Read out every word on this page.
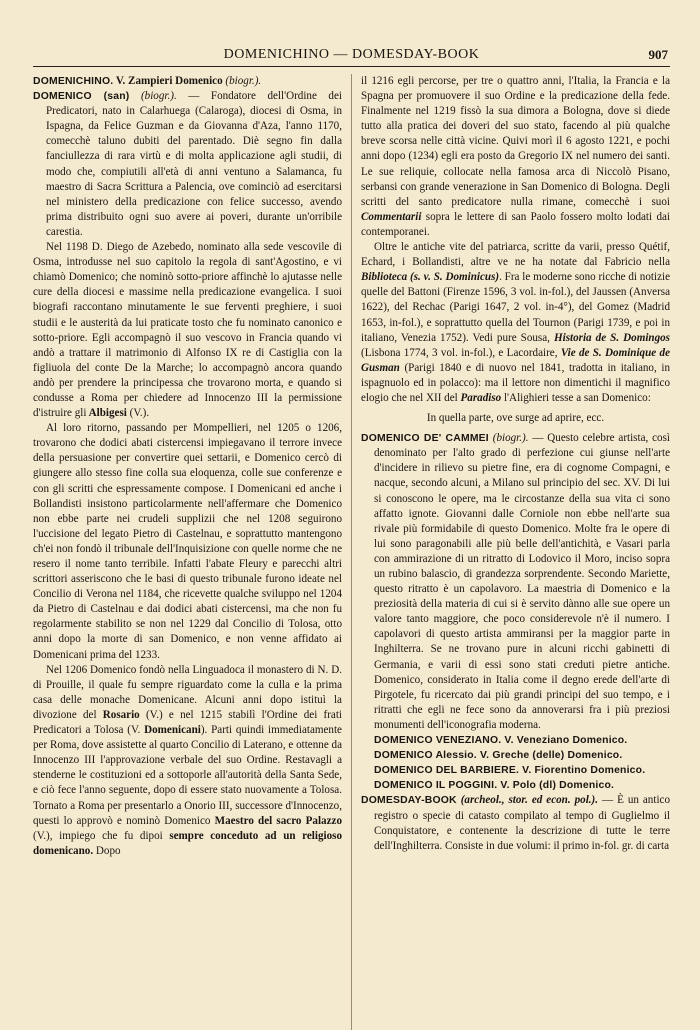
DOMENICHINO — DOMESDAY-BOOK	907

DOMENICHINO. V. Zampieri Domenico (biogr.).

DOMENICO (san) (biogr.). — Fondatore dell'Ordine dei Predicatori, nato in Calarhuega (Calaroga), diocesi di Osma, in Ispagna, da Felice Guzman e da Giovanna d'Aza, l'anno 1170, comecchè taluno dubiti del parentado. Diè segno fin dalla fanciullezza di rara virtù e di molta applicazione agli studii, di modo che, compiutili all'età di anni ventuno a Salamanca, fu maestro di Sacra Scrittura a Palencia, ove cominciò ad esercitarsi nel ministero della predicazione con felice successo, avendo prima distribuito ogni suo avere ai poveri, durante un'orribile carestia.

Nel 1198 D. Diego de Azebedo, nominato alla sede vescovile di Osma, introdusse nel suo capitolo la regola di sant'Agostino, e vi chiamò Domenico; che nominò sotto-priore affinchè lo ajutasse nelle cure della diocesi e massime nella predicazione evangelica. I suoi biografi raccontano minutamente le sue ferventi preghiere, i suoi studii e le austerità da lui praticate tosto che fu nominato canonico e sotto-priore. Egli accompagnò il suo vescovo in Francia quando vi andò a trattare il matrimonio di Alfonso IX re di Castiglia con la figliuola del conte De la Marche; lo accompagnò ancora quando andò per prendere la principessa che trovarono morta, e quando si condusse a Roma per chiedere ad Innocenzo III la permissione d'istruire gli Albigesi (V.).

Al loro ritorno, passando per Mompellieri, nel 1205 o 1206, trovarono che dodici abati cistercensi impiegavano il terrore invece della persuasione per convertire quei settarii, e Domenico cercò di giungere allo stesso fine colla sua eloquenza, colle sue conferenze e con gli scritti che espressamente compose. I Domenicani ed anche i Bollandisti insistono particolarmente nell'affermare che Domenico non ebbe parte nei crudeli supplizii che nel 1208 seguirono l'uccisione del legato Pietro di Castelnau, e soprattutto mantengono ch'ei non fondò il tribunale dell'Inquisizione con quelle norme che ne resero il nome tanto terribile. Infatti l'abate Fleury e parecchi altri scrittori asseriscono che le basi di questo tribunale furono ideate nel Concilio di Verona nel 1184, che ricevette qualche sviluppo nel 1204 da Pietro di Castelnau e dai dodici abati cistercensi, ma che non fu regolarmente stabilito se non nel 1229 dal Concilio di Tolosa, otto anni dopo la morte di san Domenico, e non venne affidato ai Domenicani prima del 1233.

Nel 1206 Domenico fondò nella Linguadoca il monastero di N. D. di Prouille, il quale fu sempre riguardato come la culla e la prima casa delle monache Domenicane. Alcuni anni dopo istituì la divozione del Rosario (V.) e nel 1215 stabilì l'Ordine dei frati Predicatori a Tolosa (V. Domenicani). Parti quindi immediatamente per Roma, dove assistette al quarto Concilio di Laterano, e ottenne da Innocenzo III l'approvazione verbale del suo Ordine. Restavagli a stenderne le costituzioni ed a sottoporle all'autorità della Santa Sede, e ciò fece l'anno seguente, dopo di essere stato nuovamente a Tolosa. Tornato a Roma per presentarlo a Onorio III, successore d'Innocenzo, questi lo approvò e nominò Domenico Maestro del sacro Palazzo (V.), impiego che fu dipoi sempre conceduto ad un religioso domenicano. Dopo

il 1216 egli percorse, per tre o quattro anni, l'Italia, la Francia e la Spagna per promuovere il suo Ordine e la predicazione della fede. Finalmente nel 1219 fissò la sua dimora a Bologna, dove si diede tutto alla pratica dei doveri del suo stato, facendo al più qualche breve scorsa nelle città vicine. Quivi morì il 6 agosto 1221, e pochi anni dopo (1234) egli era posto da Gregorio IX nel numero dei santi. Le sue reliquie, collocate nella famosa arca di Niccolò Pisano, serbansi con grande venerazione in San Domenico di Bologna. Degli scritti del santo predicatore nulla rimane, comecchè i suoi Commentarii sopra le lettere di san Paolo fossero molto lodati dai contemporanei.

Oltre le antiche vite del patriarca, scritte da varii, presso Quétif, Echard, i Bollandisti, altre ve ne ha notate dal Fabricio nella Biblioteca (s. v. S. Dominicus). Fra le moderne sono ricche di notizie quelle del Battoni (Firenze 1596, 3 vol. in-fol.), del Jaussen (Anversa 1622), del Rechac (Parigi 1647, 2 vol. in-4°), del Gomez (Madrid 1653, in-fol.), e soprattutto quella del Tournon (Parigi 1739, e poi in italiano, Venezia 1752). Vedi pure Sousa, Historia de S. Domingos (Lisbona 1774, 3 vol. in-fol.), e Lacordaire, Vie de S. Dominique de Gusman (Parigi 1840 e di nuovo nel 1841, tradotta in italiano, in ispagnuolo ed in polacco): ma il lettore non dimentichi il magnifico elogio che nel XII del Paradiso l'Alighieri tesse a san Domenico:

In quella parte, ove surge ad aprire, ecc.

DOMENICO DE' CAMMEI (biogr.). — Questo celebre artista, così denominato per l'alto grado di perfezione cui giunse nell'arte d'incidere in rilievo su pietre fine, era di cognome Compagni, e nacque, secondo alcuni, a Milano sul principio del sec. XV. Di lui si conoscono le opere, ma le circostanze della sua vita ci sono affatto ignote. Giovanni dalle Corniole non ebbe nell'arte sua rivale più formidabile di questo Domenico. Molte fra le opere di lui sono paragonabili alle più belle dell'antichità, e Vasari parla con ammirazione di un ritratto di Lodovico il Moro, inciso sopra un rubino balascio, di grandezza sorprendente. Secondo Mariette, questo ritratto è un capolavoro. La maestria di Domenico e la preziosità della materia di cui si è servito dànno alle sue opere un valore tanto maggiore, che poco considerevole n'è il numero. I capolavori di questo artista ammiransi per la maggior parte in Inghilterra. Se ne trovano pure in alcuni ricchi gabinetti di Germania, e varii di essi sono stati creduti pietre antiche. Domenico, considerato in Italia come il degno erede dell'arte di Pirgotele, fu ricercato dai più grandi principi del suo tempo, e i ritratti che egli ne fece sono da annoverarsi fra i più preziosi monumenti dell'iconografia moderna.

DOMENICO VENEZIANO. V. Veneziano Domenico.

DOMENICO Alessio. V. Greche (delle) Domenico.

DOMENICO DEL BARBIERE. V. Fiorentino Domenico.

DOMENICO IL POGGINI. V. Polo (dl) Domenico.

DOMESDAY-BOOK (archeol., stor. ed econ. pol.). — È un antico registro o specie di catasto compilato al tempo di Guglielmo il Conquistatore, e contenente la descrizione di tutte le terre dell'Inghilterra. Consiste in due volumi: il primo in-fol. gr. di carta
